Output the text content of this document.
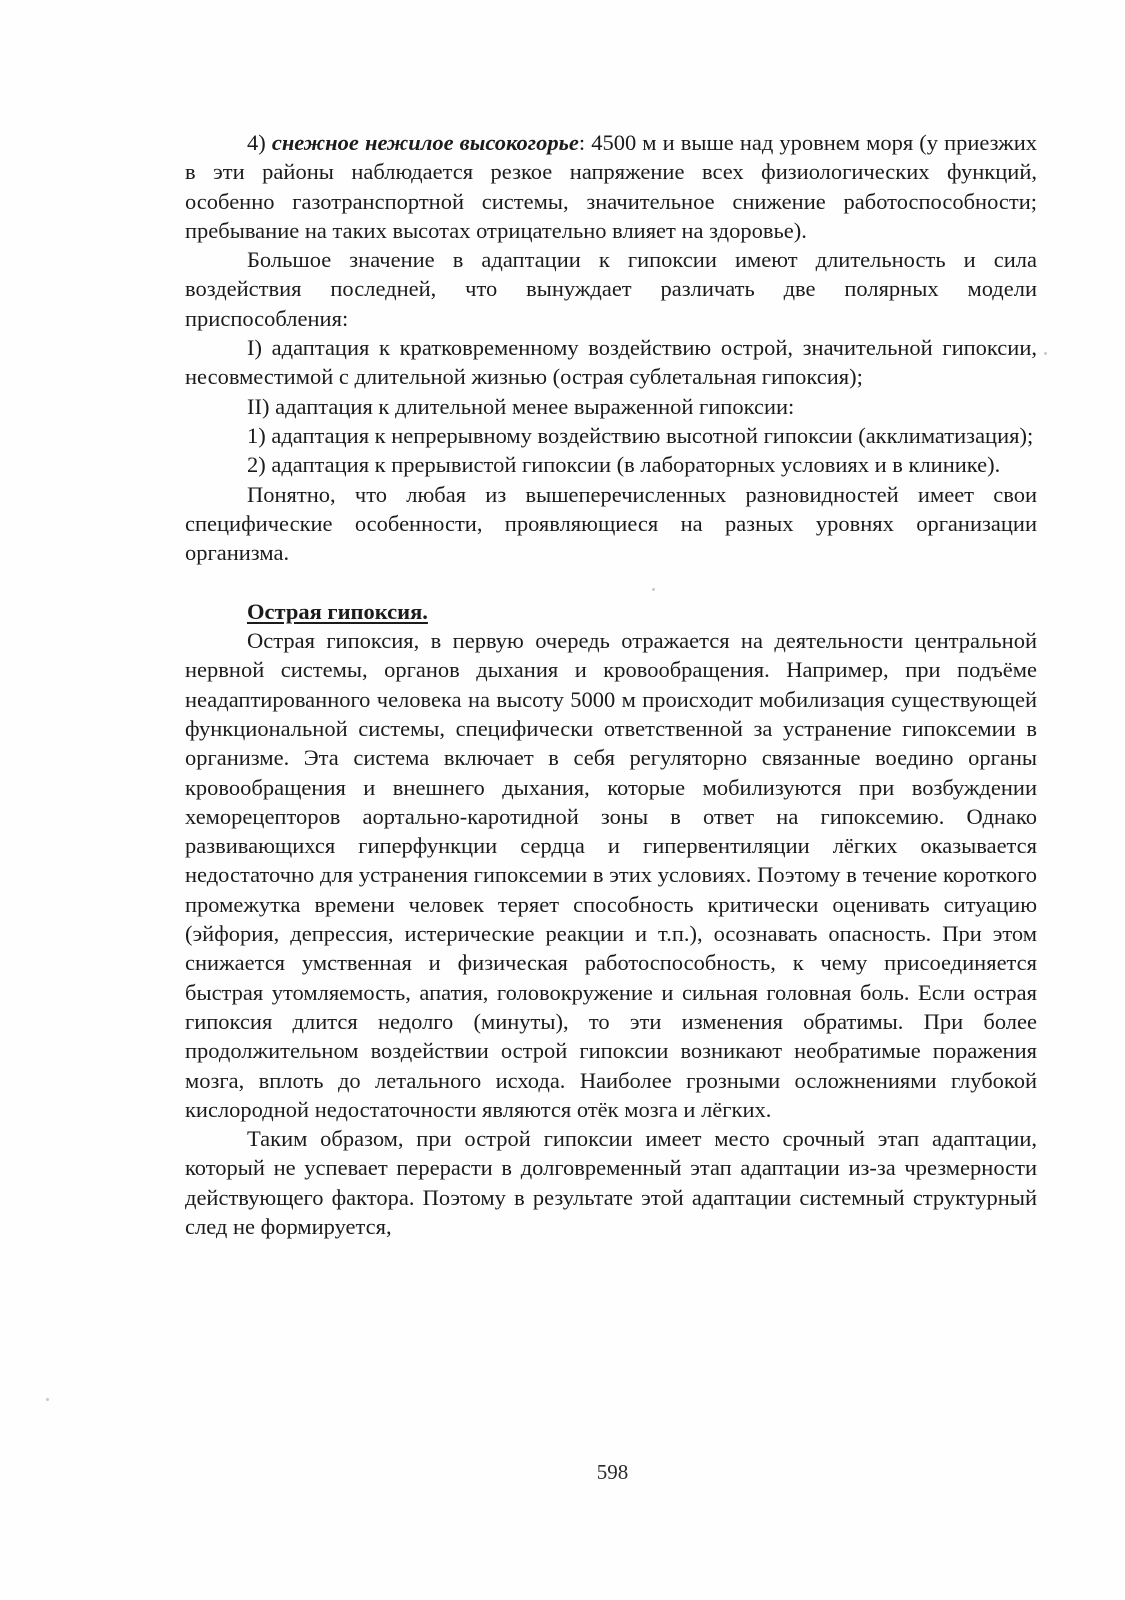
4) снежное нежилое высокогорье: 4500 м и выше над уровнем моря (у приезжих в эти районы наблюдается резкое напряжение всех физиологических функций, особенно газотранспортной системы, значительное снижение работоспособности; пребывание на таких высотах отрицательно влияет на здоровье).

Большое значение в адаптации к гипоксии имеют длительность и сила воздействия последней, что вынуждает различать две полярных модели приспособления:

I) адаптация к кратковременному воздействию острой, значительной гипоксии, несовместимой с длительной жизнью (острая сублетальная гипоксия);

II) адаптация к длительной менее выраженной гипоксии:

1) адаптация к непрерывному воздействию высотной гипоксии (акклиматизация);

2) адаптация к прерывистой гипоксии (в лабораторных условиях и в клинике).

Понятно, что любая из вышеперечисленных разновидностей имеет свои специфические особенности, проявляющиеся на разных уровнях организации организма.

Острая гипоксия.

Острая гипоксия, в первую очередь отражается на деятельности центральной нервной системы, органов дыхания и кровообращения. Например, при подъёме неадаптированного человека на высоту 5000 м происходит мобилизация существующей функциональной системы, специфически ответственной за устранение гипоксемии в организме. Эта система включает в себя регуляторно связанные воедино органы кровообращения и внешнего дыхания, которые мобилизуются при возбуждении хеморецепторов аортально-каротидной зоны в ответ на гипоксемию. Однако развивающихся гиперфункции сердца и гипервентиляции лёгких оказывается недостаточно для устранения гипоксемии в этих условиях. Поэтому в течение короткого промежутка времени человек теряет способность критически оценивать ситуацию (эйфория, депрессия, истерические реакции и т.п.), осознавать опасность. При этом снижается умственная и физическая работоспособность, к чему присоединяется быстрая утомляемость, апатия, головокружение и сильная головная боль. Если острая гипоксия длится недолго (минуты), то эти изменения обратимы. При более продолжительном воздействии острой гипоксии возникают необратимые поражения мозга, вплоть до летального исхода. Наиболее грозными осложнениями глубокой кислородной недостаточности являются отёк мозга и лёгких.

Таким образом, при острой гипоксии имеет место срочный этап адаптации, который не успевает перерасти в долговременный этап адаптации из-за чрезмерности действующего фактора. Поэтому в результате этой адаптации системный структурный след не формируется,

598
